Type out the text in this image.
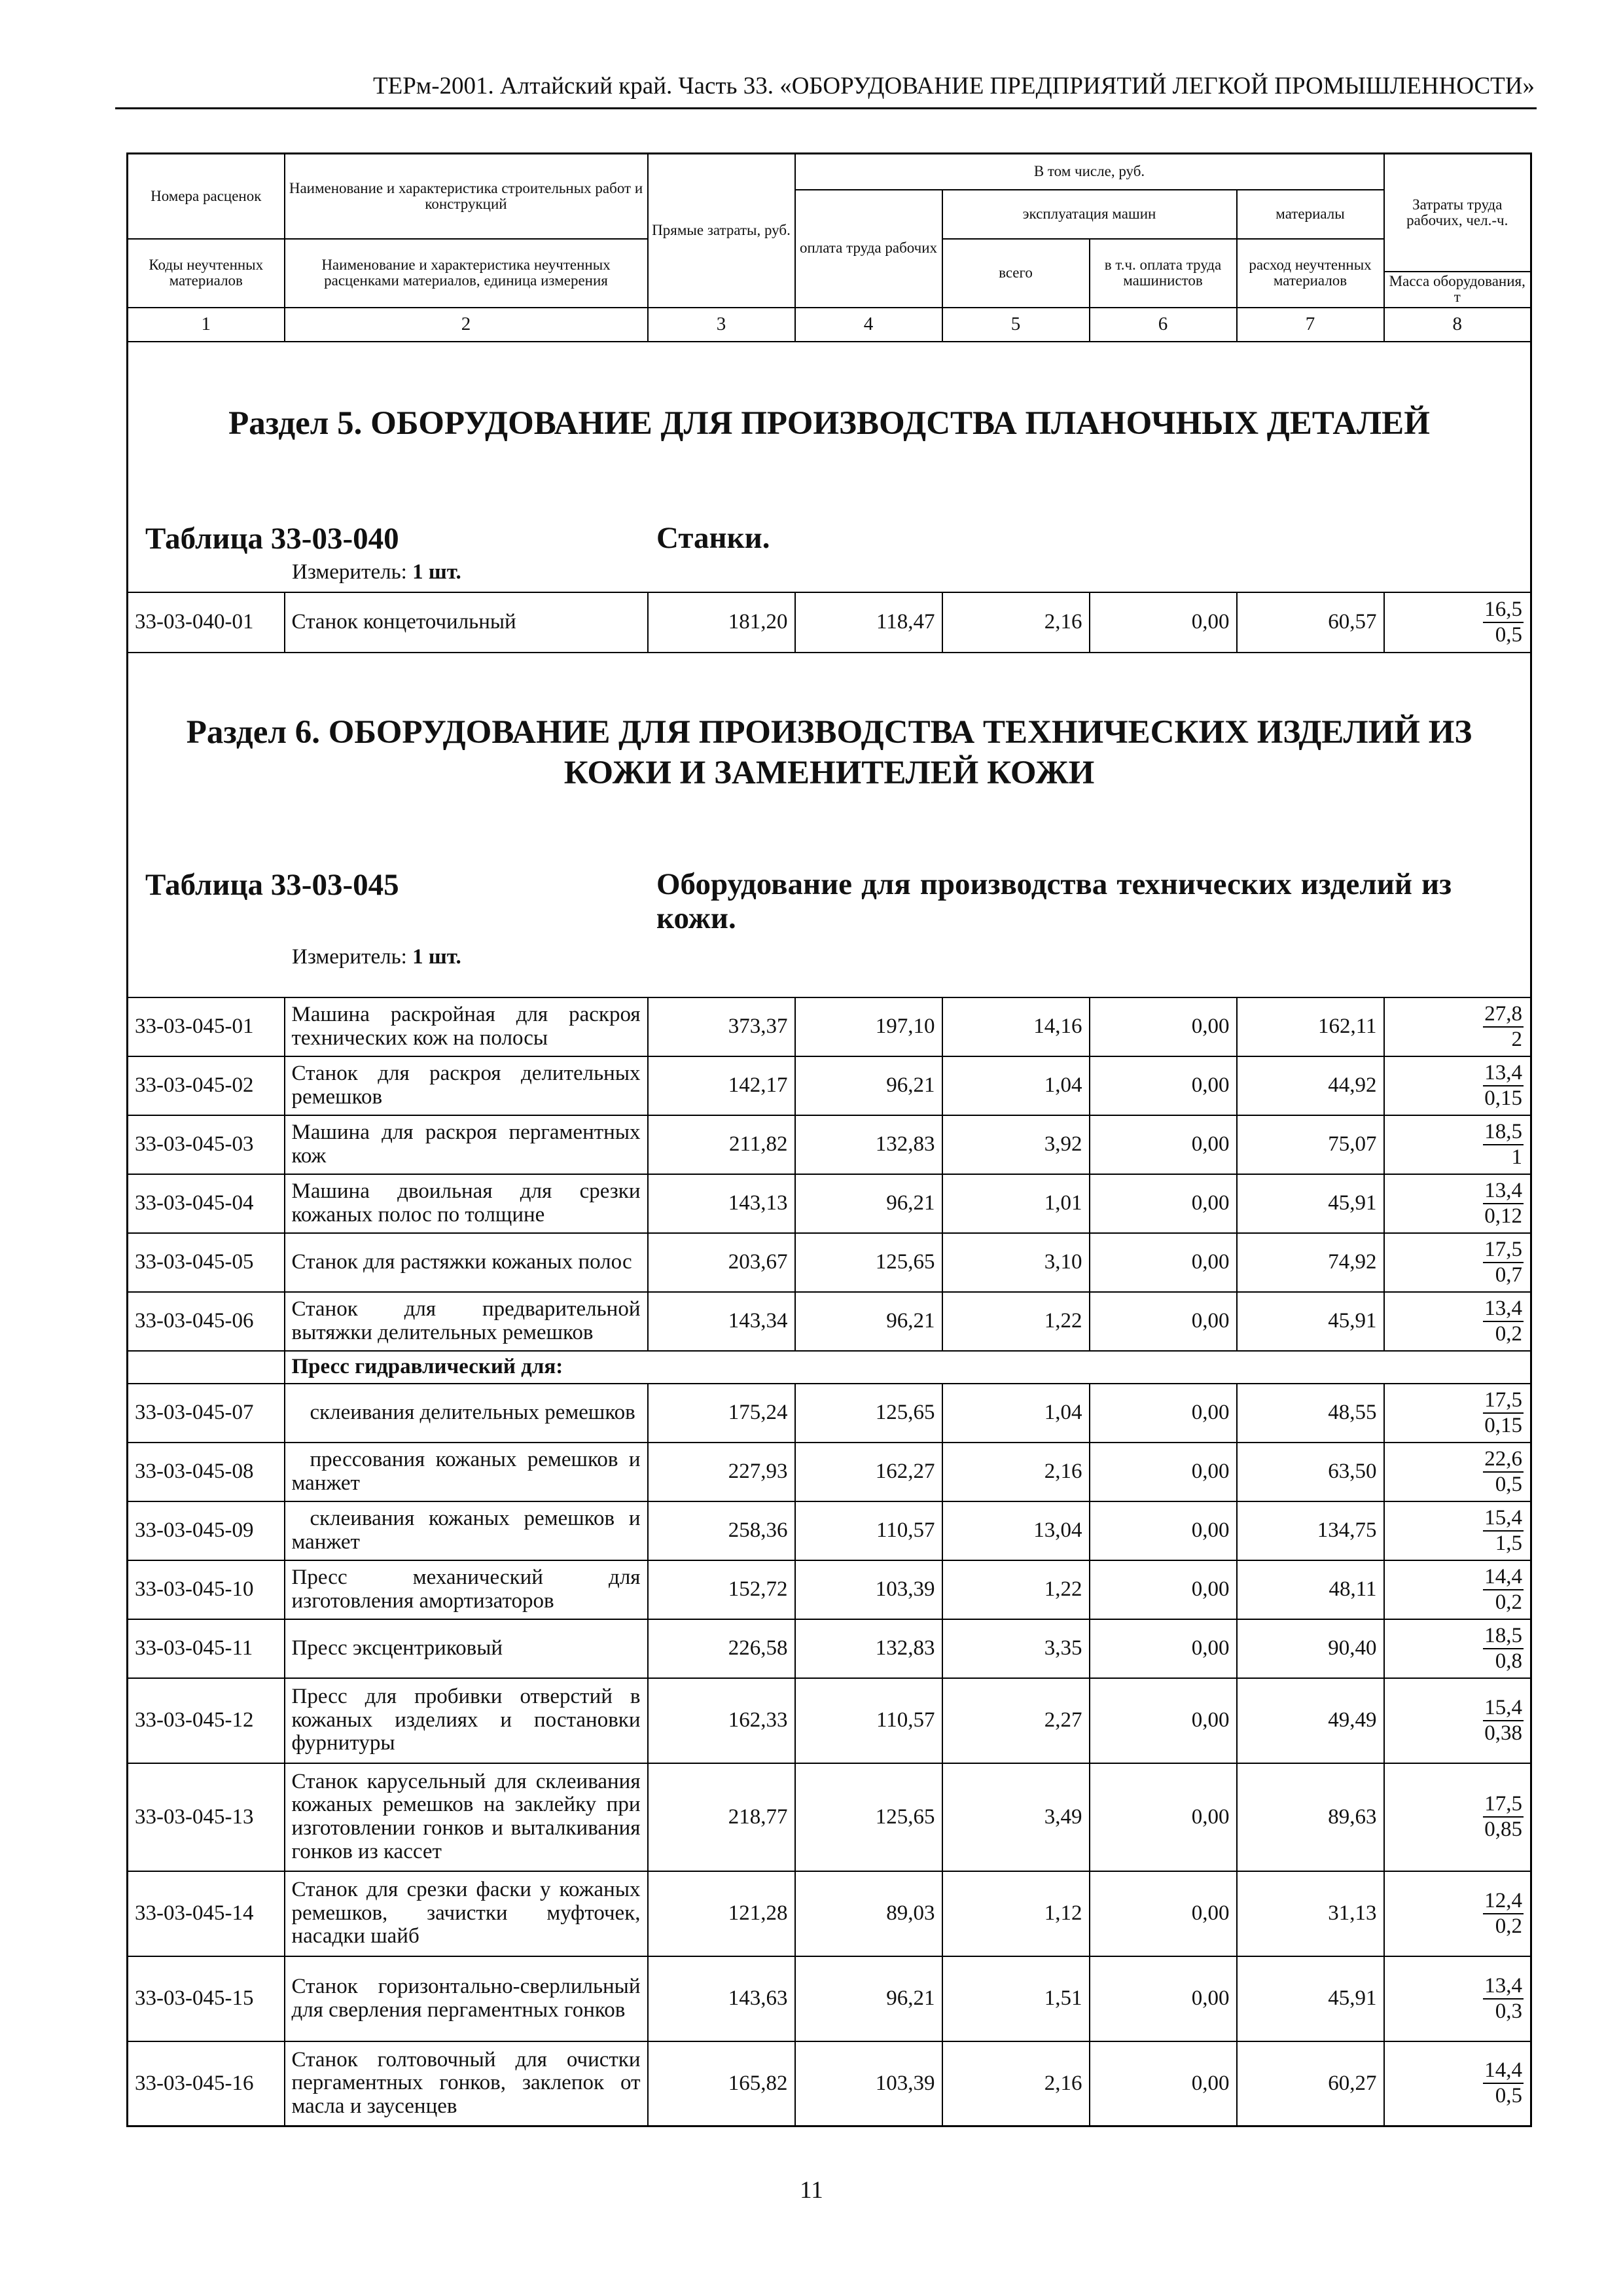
ТЕРм-2001. Алтайский край. Часть 33. «ОБОРУДОВАНИЕ ПРЕДПРИЯТИЙ ЛЕГКОЙ ПРОМЫШЛЕННОСТИ»
Номера расценок	Наименование и характеристика строительных работ и конструкций	Прямые затраты, руб.	В том числе, руб.				Затраты труда рабочих, чел.-ч.
			оплата труда рабочих	эксплуатация машин		материалы	
Коды неучтенных материалов	Наименование и характеристика неучтенных расценками материалов, единица измерения			всего	в т.ч. оплата труда машинистов	расход неучтенных материалов	
							Масса оборудования, т
1	2	3	4	5	6	7	8

Раздел 5. ОБОРУДОВАНИЕ ДЛЯ ПРОИЗВОДСТВА ПЛАНОЧНЫХ ДЕТАЛЕЙ
Таблица 33-03-040 Станки.
Измеритель: 1 шт.							

33-03-040-01	Станок концеточильный	181,20	118,47	2,16	0,00	60,57	$\frac{16,5}{0,5}$

Раздел 6. ОБОРУДОВАНИЕ ДЛЯ ПРОИЗВОДСТВА ТЕХНИЧЕСКИХ ИЗДЕЛИЙ ИЗ КОЖИ И ЗАМЕНИТЕЛЕЙ КОЖИ
Таблица 33-03-045 Оборудование для производства технических изделий из кожи.
Измеритель: 1 шт.							

33-03-045-01	Машина раскройная для раскроя технических кож на полосы	373,37	197,10	14,16	0,00	162,11	$\frac{27,8}{2}$

33-03-045-02	Станок для раскроя делительных ремешков	142,17	96,21	1,04	0,00	44,92	$\frac{13,4}{0,15}$

33-03-045-03	Машина для раскроя пергаментных кож	211,82	132,83	3,92	0,00	75,07	$\frac{18,5}{1}$

33-03-045-04	Машина двоильная для срезки кожаных полос по толщине	143,13	96,21	1,01	0,00	45,91	$\frac{13,4}{0,12}$

33-03-045-05	Станок для растяжки кожаных полос	203,67	125,65	3,10	0,00	74,92	$\frac{17,5}{0,7}$

33-03-045-06	Станок для предварительной вытяжки делительных ремешков	143,34	96,21	1,22	0,00	45,91	$\frac{13,4}{0,2}$

	Пресс гидравлический для:						
33-03-045-07	склеивания делительных ремешков	175,24	125,65	1,04	0,00	48,55	$\frac{17,5}{0,15}$

33-03-045-08	прессования кожаных ремешков и манжет	227,93	162,27	2,16	0,00	63,50	$\frac{22,6}{0,5}$

33-03-045-09	склеивания кожаных ремешков и манжет	258,36	110,57	13,04	0,00	134,75	$\frac{15,4}{1,5}$

33-03-045-10	Пресс механический для изготовления амортизаторов	152,72	103,39	1,22	0,00	48,11	$\frac{14,4}{0,2}$

33-03-045-11	Пресс эксцентриковый	226,58	132,83	3,35	0,00	90,40	$\frac{18,5}{0,8}$

33-03-045-12	Пресс для пробивки отверстий в кожаных изделиях и постановки фурнитуры	162,33	110,57	2,27	0,00	49,49	$\frac{15,4}{0,38}$

33-03-045-13	Станок карусельный для склеивания кожаных ремешков на заклейку при изготовлении гонков и выталкивания гонков из кассет	218,77	125,65	3,49	0,00	89,63	$\frac{17,5}{0,85}$

33-03-045-14	Станок для срезки фаски у кожаных ремешков, зачистки муфточек, насадки шайб	121,28	89,03	1,12	0,00	31,13	$\frac{12,4}{0,2}$

33-03-045-15	Станок горизонтально-сверлильный для сверления пергаментных гонков	143,63	96,21	1,51	0,00	45,91	$\frac{13,4}{0,3}$

33-03-045-16	Станок голтовочный для очистки пергаментных гонков, заклепок от масла и заусенцев	165,82	103,39	2,16	0,00	60,27	$\frac{14,4}{0,5}$
11
